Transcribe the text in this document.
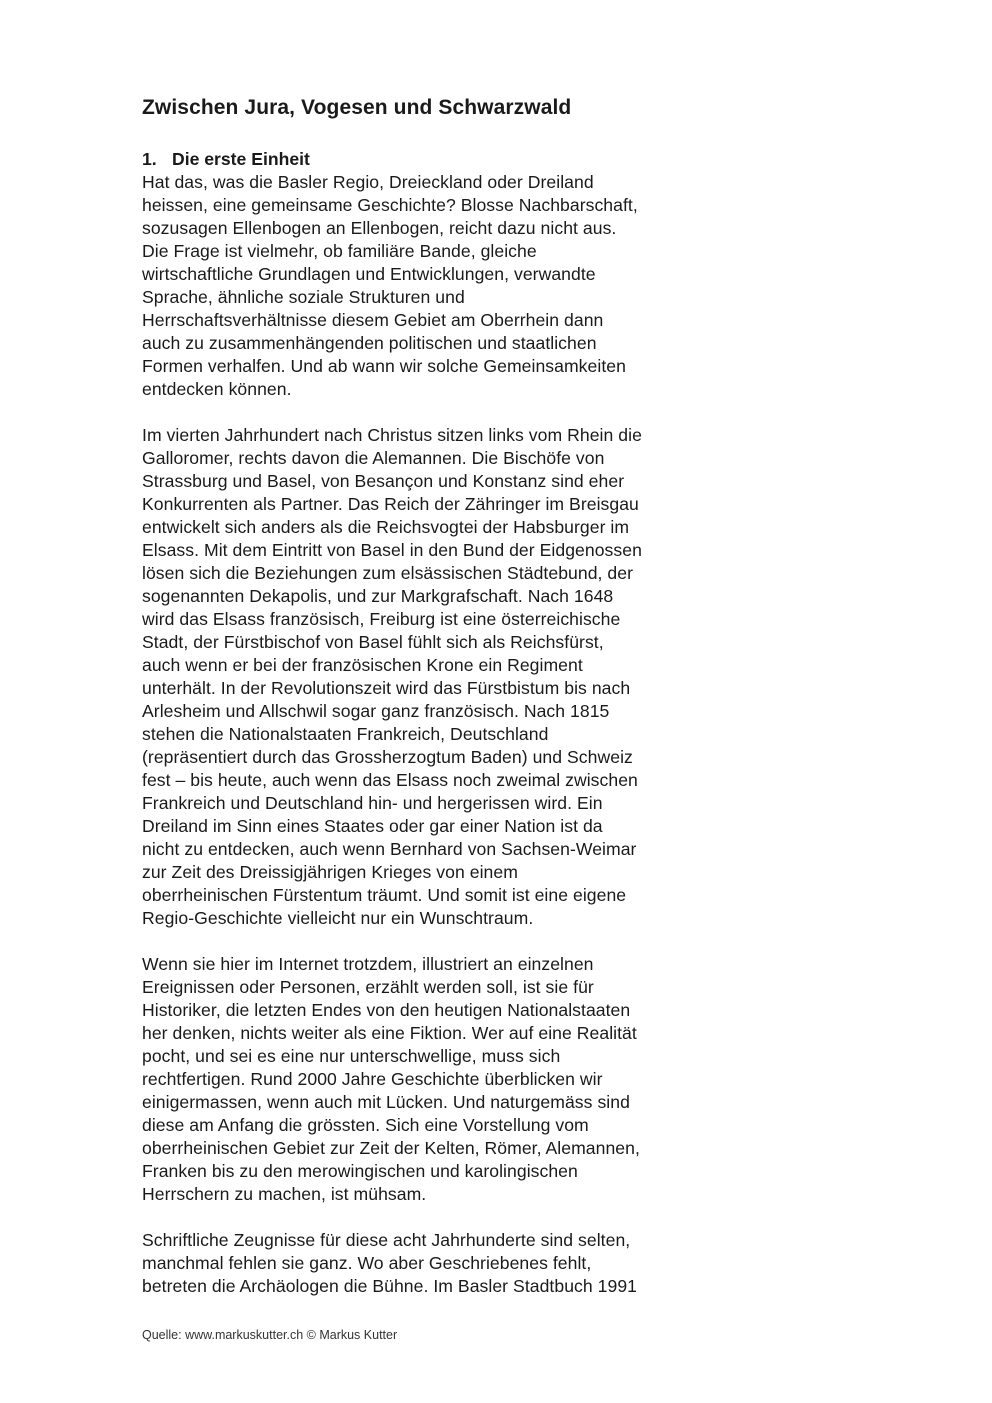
Zwischen Jura, Vogesen und Schwarzwald
1. Die erste Einheit

Hat das, was die Basler Regio, Dreieckland oder Dreiland
heissen, eine gemeinsame Geschichte? Blosse Nachbarschaft,
sozusagen Ellenbogen an Ellenbogen, reicht dazu nicht aus.
Die Frage ist vielmehr, ob familiäre Bande, gleiche
wirtschaftliche Grundlagen und Entwicklungen, verwandte
Sprache, ähnliche soziale Strukturen und
Herrschaftsverhältnisse diesem Gebiet am Oberrhein dann
auch zu zusammenhängenden politischen und staatlichen
Formen verhalfen. Und ab wann wir solche Gemeinsamkeiten
entdecken können.

Im vierten Jahrhundert nach Christus sitzen links vom Rhein die
Galloromer, rechts davon die Alemannen. Die Bischöfe von
Strassburg und Basel, von Besançon und Konstanz sind eher
Konkurrenten als Partner. Das Reich der Zähringer im Breisgau
entwickelt sich anders als die Reichsvogtei der Habsburger im
Elsass. Mit dem Eintritt von Basel in den Bund der Eidgenossen
lösen sich die Beziehungen zum elsässischen Städtebund, der
sogenannten Dekapolis, und zur Markgrafschaft. Nach 1648
wird das Elsass französisch, Freiburg ist eine österreichische
Stadt, der Fürstbischof von Basel fühlt sich als Reichsfürst,
auch wenn er bei der französischen Krone ein Regiment
unterhält. In der Revolutionszeit wird das Fürstbistum bis nach
Arlesheim und Allschwil sogar ganz französisch. Nach 1815
stehen die Nationalstaaten Frankreich, Deutschland
(repräsentiert durch das Grossherzogtum Baden) und Schweiz
fest – bis heute, auch wenn das Elsass noch zweimal zwischen
Frankreich und Deutschland hin- und hergerissen wird. Ein
Dreiland im Sinn eines Staates oder gar einer Nation ist da
nicht zu entdecken, auch wenn Bernhard von Sachsen-Weimar
zur Zeit des Dreissigjährigen Krieges von einem
oberrheinischen Fürstentum träumt. Und somit ist eine eigene
Regio-Geschichte vielleicht nur ein Wunschtraum.

Wenn sie hier im Internet trotzdem, illustriert an einzelnen
Ereignissen oder Personen, erzählt werden soll, ist sie für
Historiker, die letzten Endes von den heutigen Nationalstaaten
her denken, nichts weiter als eine Fiktion. Wer auf eine Realität
pocht, und sei es eine nur unterschwellige, muss sich
rechtfertigen. Rund 2000 Jahre Geschichte überblicken wir
einigermassen, wenn auch mit Lücken. Und naturgemäss sind
diese am Anfang die grössten. Sich eine Vorstellung vom
oberrheinischen Gebiet zur Zeit der Kelten, Römer, Alemannen,
Franken bis zu den merowingischen und karolingischen
Herrschern zu machen, ist mühsam.

Schriftliche Zeugnisse für diese acht Jahrhunderte sind selten,
manchmal fehlen sie ganz. Wo aber Geschriebenes fehlt,
betreten die Archäologen die Bühne. Im Basler Stadtbuch 1991

Quelle: www.markuskutter.ch © Markus Kutter
